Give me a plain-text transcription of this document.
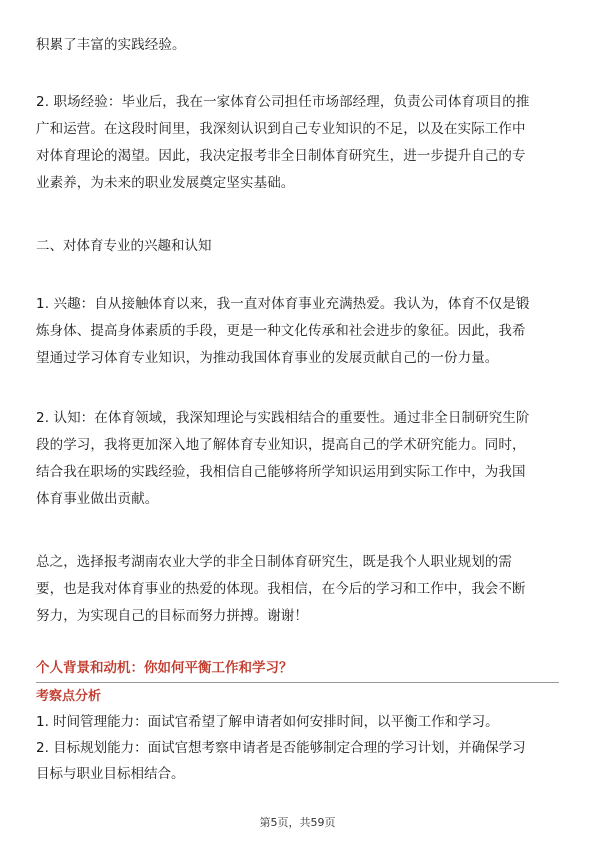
积累了丰富的实践经验。

2. 职场经验：毕业后，我在一家体育公司担任市场部经理，负责公司体育项目的推
广和运营。在这段时间里，我深刻认识到自己专业知识的不足，以及在实际工作中
对体育理论的渴望。因此，我决定报考非全日制体育研究生，进一步提升自己的专
业素养，为未来的职业发展奠定坚实基础。

二、对体育专业的兴趣和认知

1. 兴趣：自从接触体育以来，我一直对体育事业充满热爱。我认为，体育不仅是锻
炼身体、提高身体素质的手段，更是一种文化传承和社会进步的象征。因此，我希
望通过学习体育专业知识，为推动我国体育事业的发展贡献自己的一份力量。

2. 认知：在体育领域，我深知理论与实践相结合的重要性。通过非全日制研究生阶
段的学习，我将更加深入地了解体育专业知识，提高自己的学术研究能力。同时，
结合我在职场的实践经验，我相信自己能够将所学知识运用到实际工作中，为我国
体育事业做出贡献。

总之，选择报考湖南农业大学的非全日制体育研究生，既是我个人职业规划的需
要，也是我对体育事业的热爱的体现。我相信，在今后的学习和工作中，我会不断
努力，为实现自己的目标而努力拼搏。谢谢！

个人背景和动机：你如何平衡工作和学习？

考察点分析

1. 时间管理能力：面试官希望了解申请者如何安排时间，以平衡工作和学习。
2. 目标规划能力：面试官想考察申请者是否能够制定合理的学习计划，并确保学习
目标与职业目标相结合。

第5页，共59页
